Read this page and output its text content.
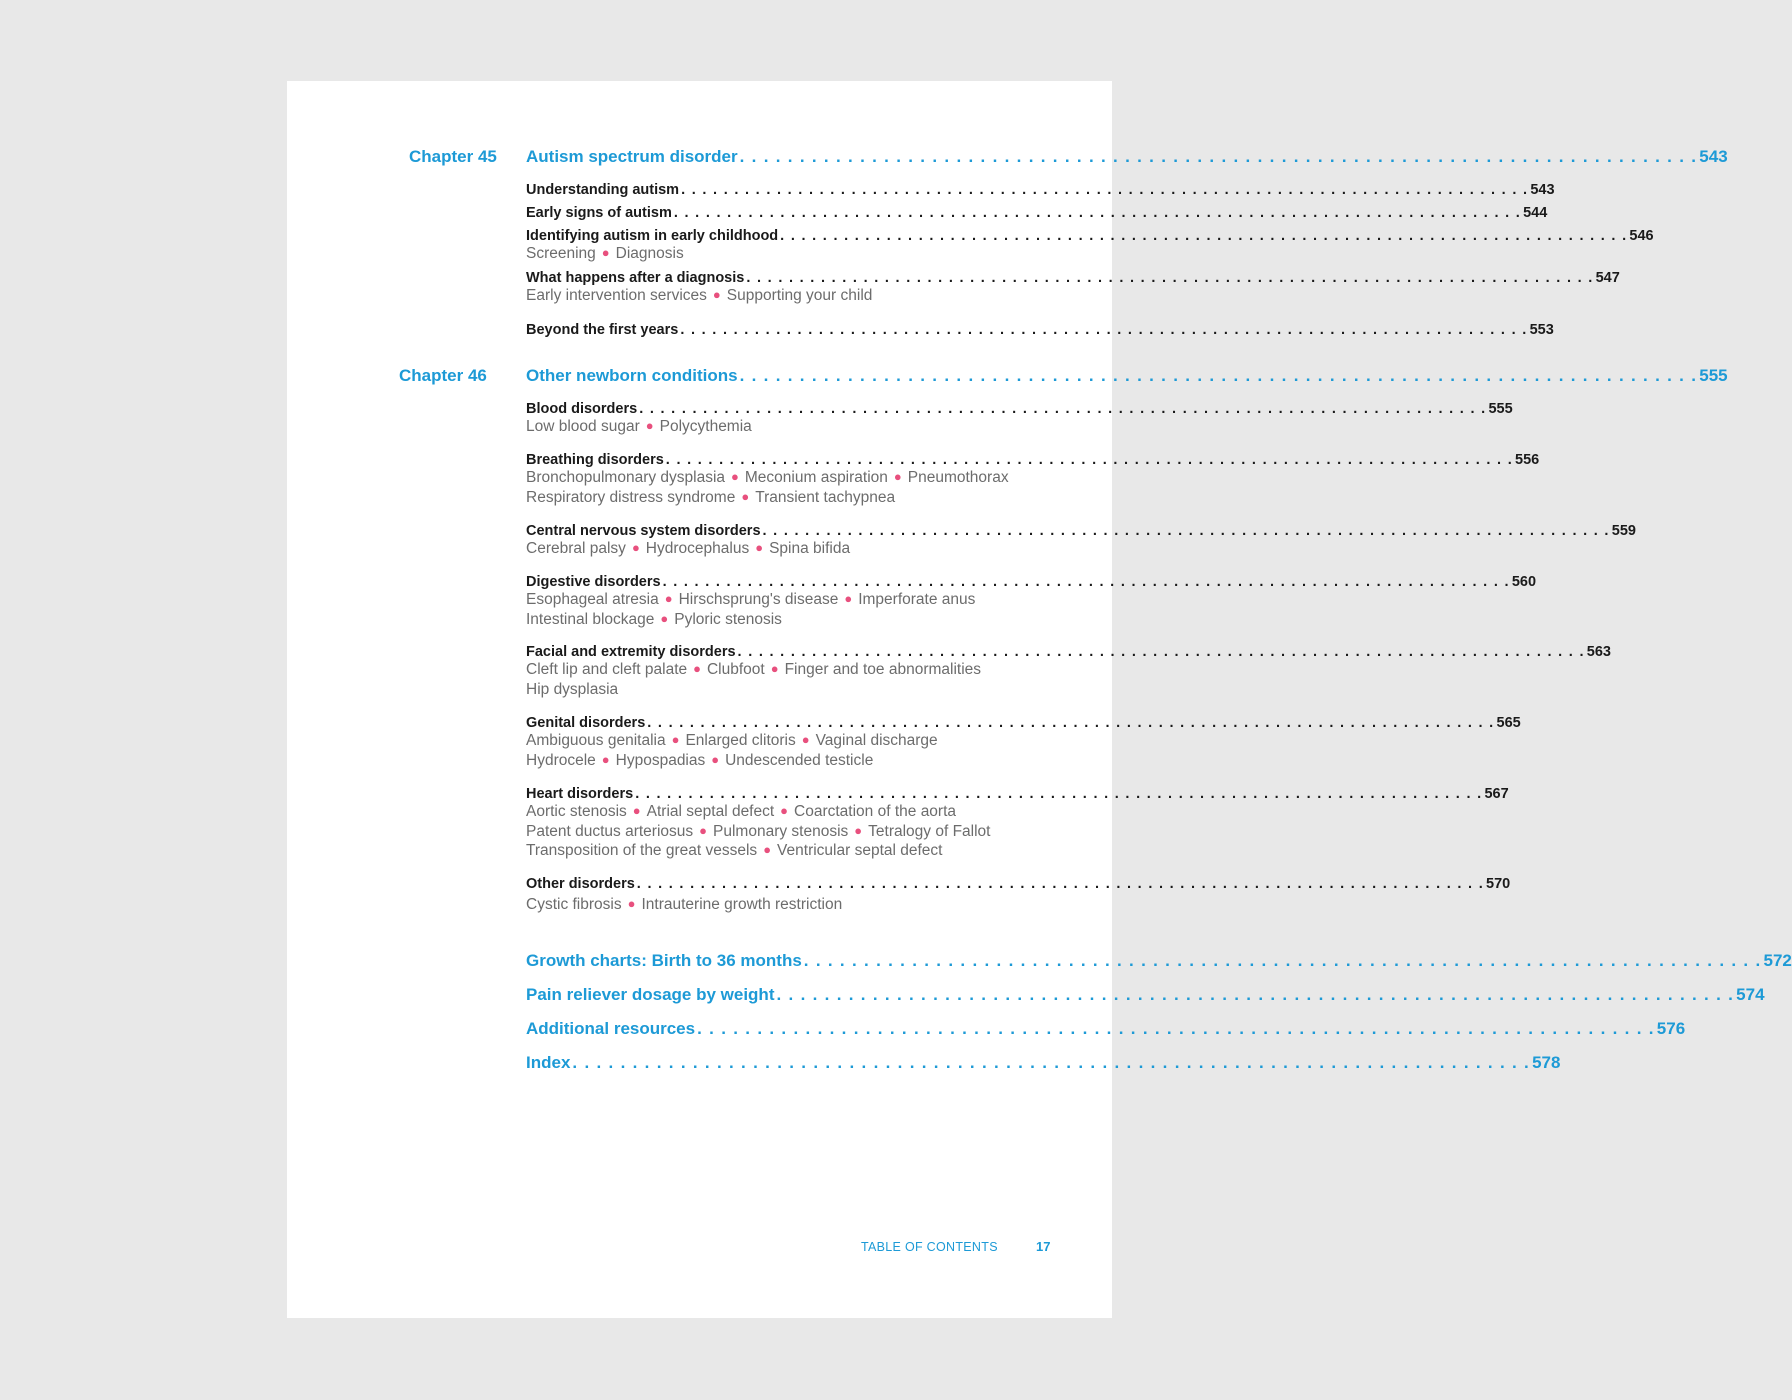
Chapter 45 Autism spectrum disorder . . . . . . . . . . . . . . . . . . . . . . . . . . . . . . . . . . . . . . . . . . . . . . . . . . . . . . . . . . . . . . . . . . . . . . . . . . . . . . . . 543
Understanding autism . . . . . . . . . . . . . . . . . . . . . . . . . . . . . . . . . . . . . . . . . . . . . . . . . . . . . . . . . . . . . . . . . . . . . . . . . . . . . . . . 543
Early signs of autism . . . . . . . . . . . . . . . . . . . . . . . . . . . . . . . . . . . . . . . . . . . . . . . . . . . . . . . . . . . . . . . . . . . . . . . . . . . . . . . . 544
Identifying autism in early childhood . . . . . . . . . . . . . . . . . . . . . . . . . . . . . . . . . . . . . . . . . . . . . . . . . . . . . . . . . . . . . . . . . . . . . . . . . . . . . . . . 546
Screening ● Diagnosis
What happens after a diagnosis . . . . . . . . . . . . . . . . . . . . . . . . . . . . . . . . . . . . . . . . . . . . . . . . . . . . . . . . . . . . . . . . . . . . . . . . . . . . . . . . 547
Early intervention services ● Supporting your child
Beyond the first years . . . . . . . . . . . . . . . . . . . . . . . . . . . . . . . . . . . . . . . . . . . . . . . . . . . . . . . . . . . . . . . . . . . . . . . . . . . . . . . . 553
Chapter 46 Other newborn conditions . . . . . . . . . . . . . . . . . . . . . . . . . . . . . . . . . . . . . . . . . . . . . . . . . . . . . . . . . . . . . . . . . . . . . . . . . . . . . . . . 555
Blood disorders . . . . . . . . . . . . . . . . . . . . . . . . . . . . . . . . . . . . . . . . . . . . . . . . . . . . . . . . . . . . . . . . . . . . . . . . . . . . . . . . 555
Low blood sugar ● Polycythemia
Breathing disorders . . . . . . . . . . . . . . . . . . . . . . . . . . . . . . . . . . . . . . . . . . . . . . . . . . . . . . . . . . . . . . . . . . . . . . . . . . . . . . . . 556
Bronchopulmonary dysplasia ● Meconium aspiration ● Pneumothorax
Respiratory distress syndrome ● Transient tachypnea
Central nervous system disorders . . . . . . . . . . . . . . . . . . . . . . . . . . . . . . . . . . . . . . . . . . . . . . . . . . . . . . . . . . . . . . . . . . . . . . . . . . . . . . . . 559
Cerebral palsy ● Hydrocephalus ● Spina bifida
Digestive disorders . . . . . . . . . . . . . . . . . . . . . . . . . . . . . . . . . . . . . . . . . . . . . . . . . . . . . . . . . . . . . . . . . . . . . . . . . . . . . . . . 560
Esophageal atresia ● Hirschsprung's disease ● Imperforate anus
Intestinal blockage ● Pyloric stenosis
Facial and extremity disorders . . . . . . . . . . . . . . . . . . . . . . . . . . . . . . . . . . . . . . . . . . . . . . . . . . . . . . . . . . . . . . . . . . . . . . . . . . . . . . . . 563
Cleft lip and cleft palate ● Clubfoot ● Finger and toe abnormalities
Hip dysplasia
Genital disorders . . . . . . . . . . . . . . . . . . . . . . . . . . . . . . . . . . . . . . . . . . . . . . . . . . . . . . . . . . . . . . . . . . . . . . . . . . . . . . . . 565
Ambiguous genitalia ● Enlarged clitoris ● Vaginal discharge
Hydrocele ● Hypospadias ● Undescended testicle
Heart disorders . . . . . . . . . . . . . . . . . . . . . . . . . . . . . . . . . . . . . . . . . . . . . . . . . . . . . . . . . . . . . . . . . . . . . . . . . . . . . . . . 567
Aortic stenosis ● Atrial septal defect ● Coarctation of the aorta
Patent ductus arteriosus ● Pulmonary stenosis ● Tetralogy of Fallot
Transposition of the great vessels ● Ventricular septal defect
Other disorders . . . . . . . . . . . . . . . . . . . . . . . . . . . . . . . . . . . . . . . . . . . . . . . . . . . . . . . . . . . . . . . . . . . . . . . . . . . . . . . . 570
Cystic fibrosis ● Intrauterine growth restriction
Growth charts: Birth to 36 months . . . . . . . . . . . . . . . . . . . . . . . . . . . . . . . . . . . . . . . . . . . . . . . . . . . . . . . . . . . . . . . . . . . . . . . . . . . . . . . . 572
Pain reliever dosage by weight . . . . . . . . . . . . . . . . . . . . . . . . . . . . . . . . . . . . . . . . . . . . . . . . . . . . . . . . . . . . . . . . . . . . . . . . . . . . . . . . 574
Additional resources . . . . . . . . . . . . . . . . . . . . . . . . . . . . . . . . . . . . . . . . . . . . . . . . . . . . . . . . . . . . . . . . . . . . . . . . . . . . . . . . 576
Index . . . . . . . . . . . . . . . . . . . . . . . . . . . . . . . . . . . . . . . . . . . . . . . . . . . . . . . . . . . . . . . . . . . . . . . . . . . . . . . . 578
TABLE OF CONTENTS	17
